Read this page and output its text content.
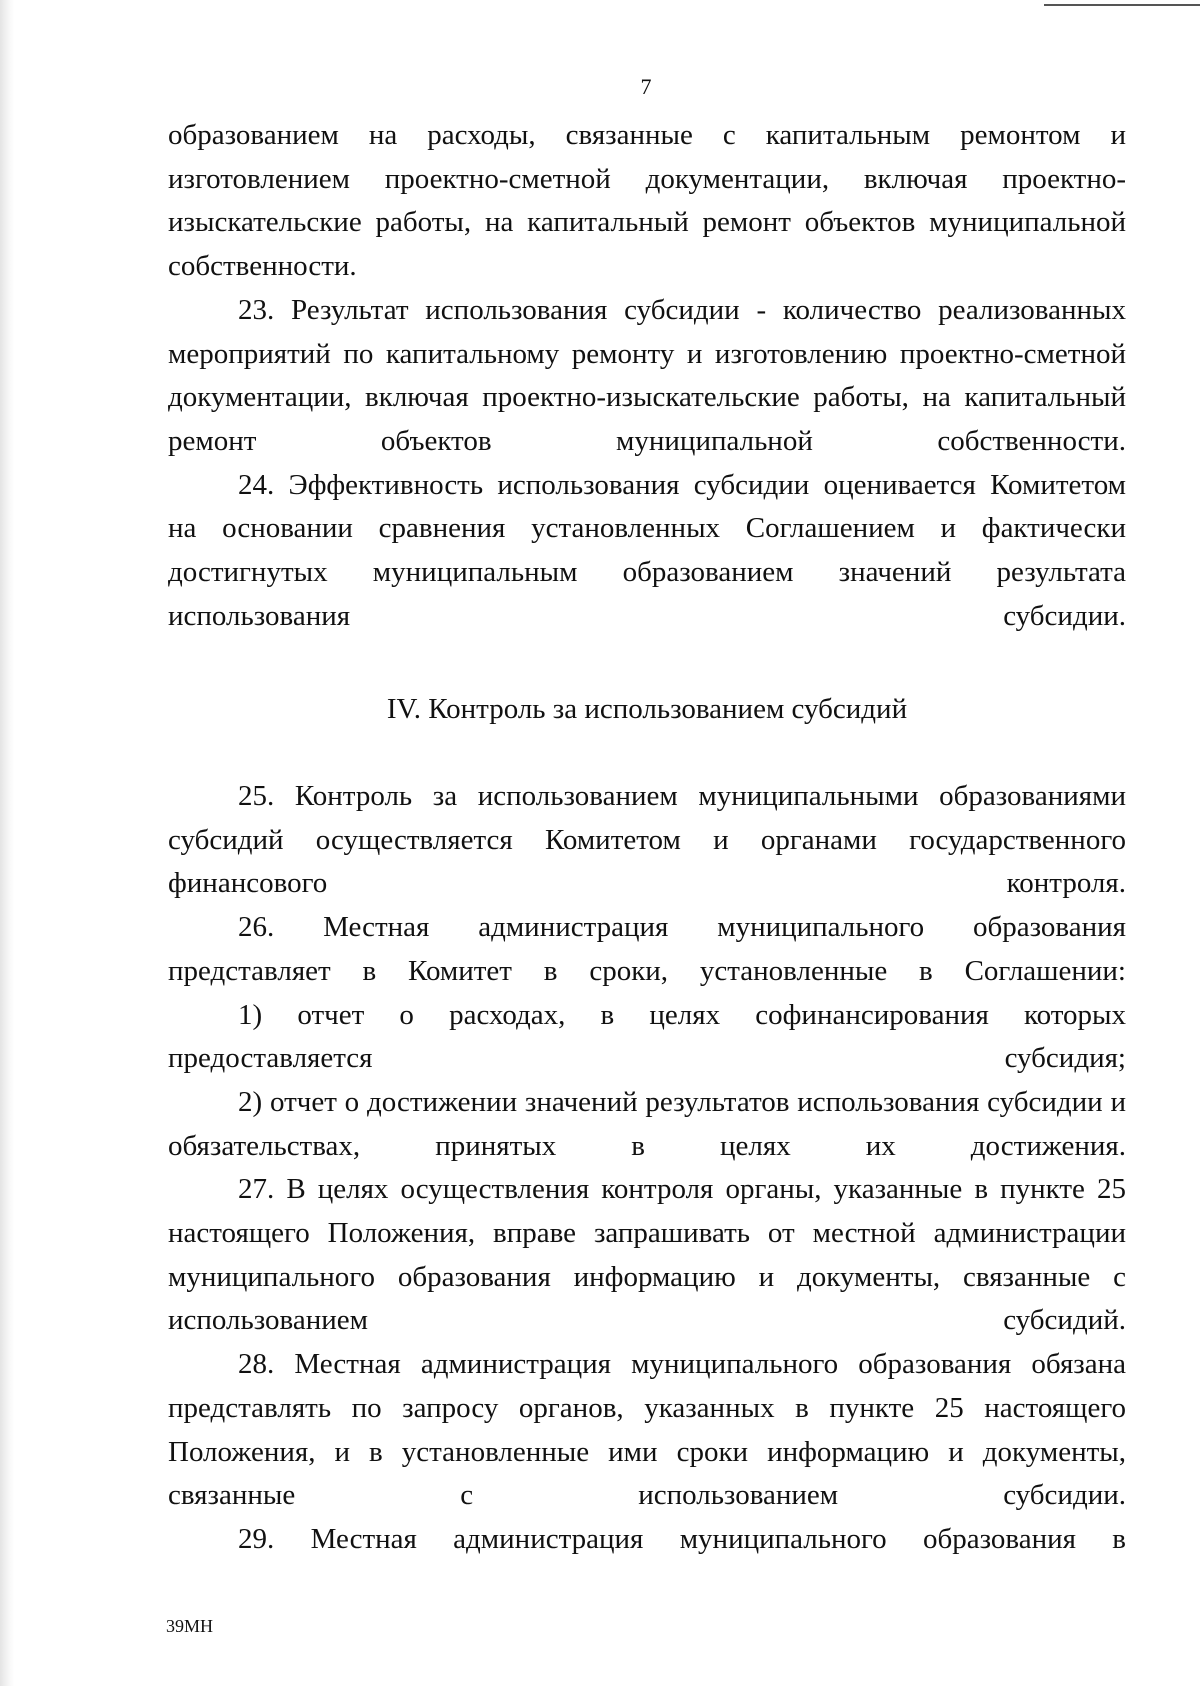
7

образованием на расходы, связанные с капитальным ремонтом и изготовлением проектно-сметной документации, включая проектно-изыскательские работы, на капитальный ремонт объектов муниципальной собственности.

23. Результат использования субсидии - количество реализованных мероприятий по капитальному ремонту и изготовлению проектно-сметной документации, включая проектно-изыскательские работы, на капитальный ремонт объектов муниципальной собственности.

24. Эффективность использования субсидии оценивается Комитетом на основании сравнения установленных Соглашением и фактически достигнутых муниципальным образованием значений результата использования субсидии.

IV. Контроль за использованием субсидий

25. Контроль за использованием муниципальными образованиями субсидий осуществляется Комитетом и органами государственного финансового контроля.

26. Местная администрация муниципального образования представляет в Комитет в сроки, установленные в Соглашении:

1) отчет о расходах, в целях софинансирования которых предоставляется субсидия;

2) отчет о достижении значений результатов использования субсидии и обязательствах, принятых в целях их достижения.

27. В целях осуществления контроля органы, указанные в пункте 25 настоящего Положения, вправе запрашивать от местной администрации муниципального образования информацию и документы, связанные с использованием субсидий.

28. Местная администрация муниципального образования обязана представлять по запросу органов, указанных в пункте 25 настоящего Положения, и в установленные ими сроки информацию и документы, связанные с использованием субсидии.

29. Местная администрация муниципального образования в

39МН
